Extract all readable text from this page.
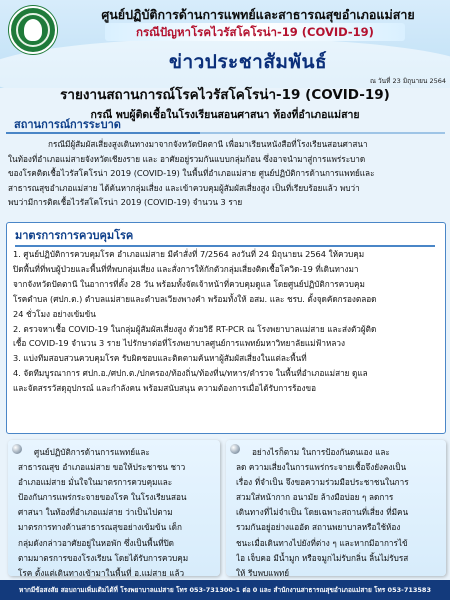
ศูนย์ปฏิบัติการด้านการแพทย์และสาธารณสุขอำเภอแม่สาย
กรณีปัญหาโรคไวรัสโคโรน่า-19 (COVID-19)
ข่าวประชาสัมพันธ์
ณ วันที่ 23 มิถุนายน 2564
รายงานสถานการณ์โรคไวรัสโคโรน่า-19 (COVID-19)
กรณี พบผู้ติดเชื้อในโรงเรียนสอนศาสนา ท้องที่อำเภอแม่สาย
สถานการณ์การระบาด
กรณีมีผู้สัมผัสเสี่ยงสูงเดินทางมาจากจังหวัดปัตตานี เพื่อมาเรียนหนังสือที่โรงเรียนสอนศาสนา
ในท้องที่อำเภอแม่สายจังหวัดเชียงราย และ อาศัยอยู่รวมกันแบบกลุ่มก้อน ซึ่งอาจนำมาสู่การแพร่ระบาด
ของโรคติดเชื้อไวรัสโคโรน่า 2019 (COVID-19) ในพื้นที่อำเภอแม่สาย ศูนย์ปฏิบัติการด้านการแพทย์และ
สาธารณสุขอำเภอแม่สาย ได้ค้นหากลุ่มเสี่ยง และเข้าควบคุมผู้สัมผัสเสี่ยงสูง เป็นที่เรียบร้อยแล้ว พบว่า
พบว่ามีการติดเชื้อไวรัสโคโรน่า 2019 (COVID-19) จำนวน 3 ราย
มาตรการการควบคุมโรค
1. ศูนย์ปฏิบัติการควบคุมโรค อำเภอแม่สาย มีคำสั่งที่ 7/2564 ลงวันที่ 24 มิถุนายน 2564 ให้ควบคุม
ปิดพื้นที่ที่พบผู้ป่วยและพื้นที่ที่พบกลุ่มเสี่ยง และสั่งการให้กักตัวกลุ่มเสี่ยงติดเชื้อโควิด-19 ที่เดินทางมา
จากจังหวัดปัตตานี ในอาการที่ตั้ง 28 วัน พร้อมทั้งจัดเจ้าหน้าที่ควบคุมดูแล โดยศูนย์ปฏิบัติการควบคุม
โรคตำบล (ศปก.ต.) ตำบลแม่สายและตำบลเวียงพางคำ พร้อมทั้งให้ อสม. และ ชรบ. ตั้งจุดคัดกรองตลอด
24 ชั่วโมง อย่างเข้มข้น
2. ตรวจหาเชื้อ COVID-19 ในกลุ่มผู้สัมผัสเสี่ยงสูง ด้วยวิธี RT-PCR ณ โรงพยาบาลแม่สาย และส่งตัวผู้ติด
เชื้อ COVID-19 จำนวน 3 ราย ไปรักษาต่อที่โรงพยาบาลศูนย์การแพทย์มหาวิทยาลัยแม่ฟ้าหลวง
3. แบ่งทีมสอบสวนควบคุมโรค รับผิดชอบและติดตามค้นหาผู้สัมผัสเสี่ยงในแต่ละพื้นที่
4. จัดทีมบูรณาการ ศปก.อ./ศปก.ต./ปกครอง/ท้องถิ่น/ท้องที่น/ทหาร/ตำรวจ ในพื้นที่อำเภอแม่สาย ดูแล
และจัดสรรวัสดุอุปกรณ์ และกำลังคน พร้อมสนับสนุน ความต้องการเมื่อได้รับการร้องขอ
ศูนย์ปฏิบัติการด้านการแพทย์และ
สาธารณสุข อำเภอแม่สาย ขอให้ประชาชน ชาว
อำเภอแม่สาย มั่นใจในมาตรการควบคุมและ
ป้องกันการแพร่กระจายของโรค ในโรงเรียนสอน
ศาสนา ในท้องที่อำเภอแม่สาย ว่าเป็นไปตาม
มาตรการทางด้านสาธารณสุขอย่างเข้มข้น เด็ก
กลุ่มดังกล่าวอาศัยอยู่ในหอพัก ซึ่งเป็นพื้นที่ปิด
ตามมาตรการของโรงเรียน โดยได้รับการควบคุม
โรค ตั้งแต่เดินทางเข้ามาในพื้นที่ อ.แม่สาย แล้ว
อย่างไรก็ตาม ในการป้องกันตนเอง และ
ลด ความเสี่ยงในการแพร่กระจายเชื้อจึงยังคงเป็น
เรื่อง ที่จำเป็น จึงขอความร่วมมือประชาชนในการ
สวมใส่หน้ากาก อนามัย ล้างมือบ่อย ๆ ลดการ
เดินทางที่ไม่จำเป็น โดยเฉพาะสถานที่เสี่ยง ที่มีคน
รวมกันอยู่อย่างแออัด สถานพยาบาลหรือใช้ห้อง
ชนะเมื่อเดินทางไปยังที่ต่าง ๆ และหากมีอาการไข้
ไอ เจ็บคอ มีน้ำมูก หรือจมูกไม่รับกลิ่น ลิ้นไม่รับรส
ให้ รีบพบแพทย์
หากมีข้อสงสัย สอบถามเพิ่มเติมได้ที่ โรงพยาบาลแม่สาย โทร 053-731300-1 ต่อ 0 และ สำนักงานสาธารณสุขอำเภอแม่สาย โทร 053-713583
